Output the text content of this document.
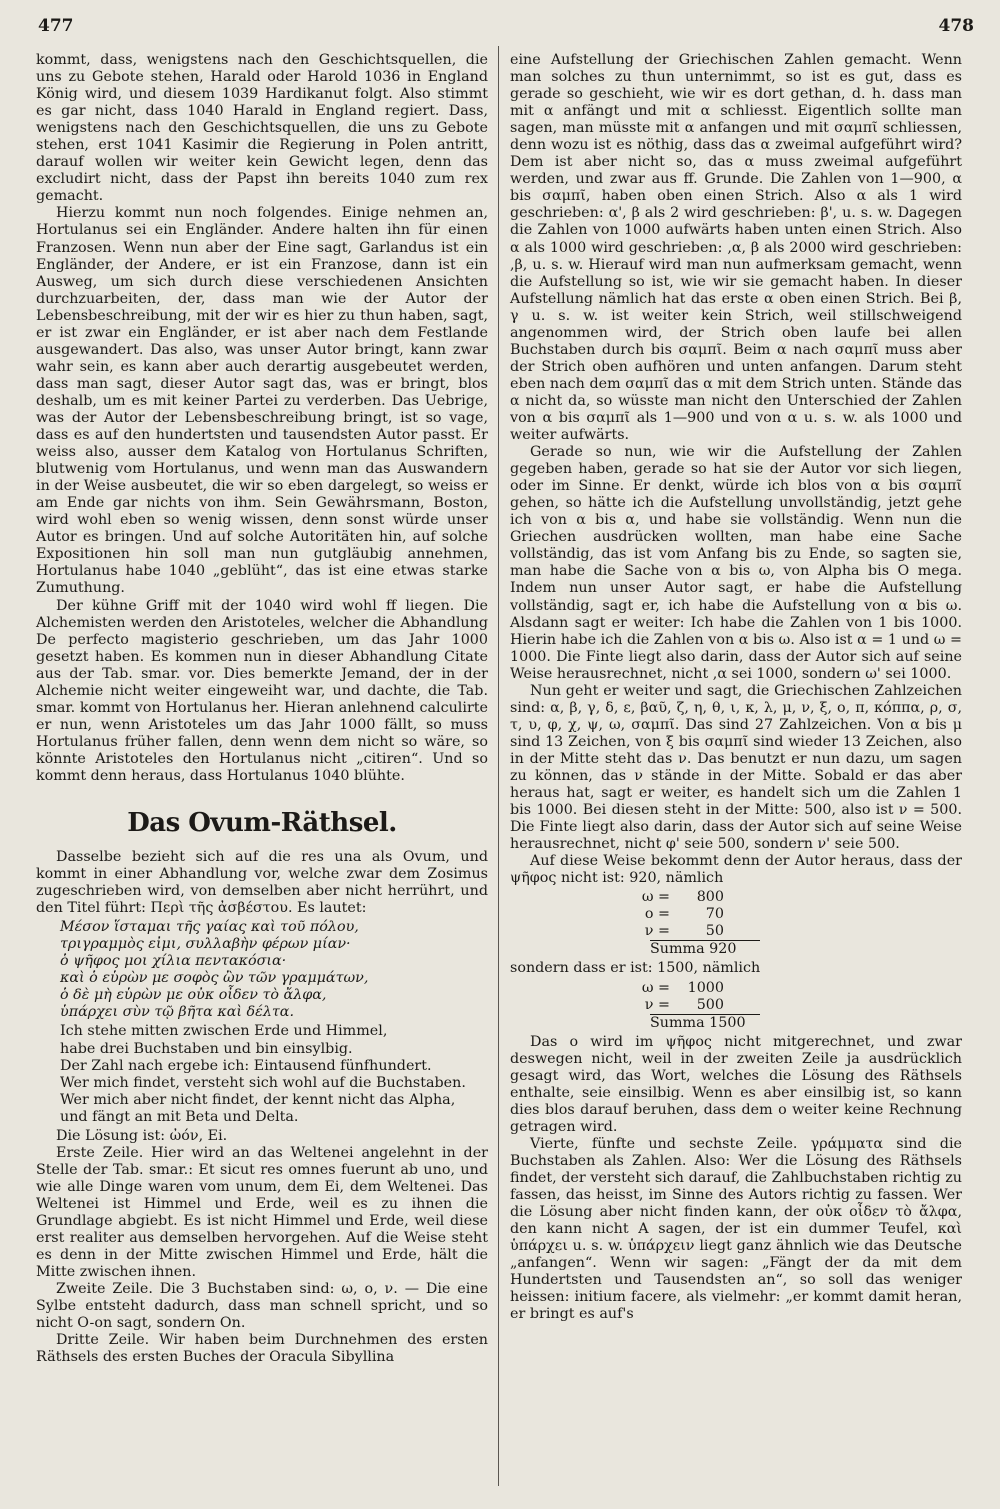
477	478

kommt, dass, wenigstens nach den Geschichtsquellen, die uns zu Gebote stehen, Harald oder Harold 1036 in England König wird, und diesem 1039 Hardikanut folgt. Also stimmt es gar nicht, dass 1040 Harald in England regiert. Dass, wenigstens nach den Geschichtsquellen, die uns zu Gebote stehen, erst 1041 Kasimir die Regierung in Polen antritt, darauf wollen wir weiter kein Gewicht legen, denn das excludirt nicht, dass der Papst ihn bereits 1040 zum rex gemacht.

Hierzu kommt nun noch folgendes. Einige nehmen an, Hortulanus sei ein Engländer. Andere halten ihn für einen Franzosen. Wenn nun aber der Eine sagt, Garlandus ist ein Engländer, der Andere, er ist ein Franzose, dann ist ein Ausweg, um sich durch diese verschiedenen Ansichten durchzuarbeiten, der, dass man wie der Autor der Lebensbeschreibung, mit der wir es hier zu thun haben, sagt, er ist zwar ein Engländer, er ist aber nach dem Festlande ausgewandert. Das also, was unser Autor bringt, kann zwar wahr sein, es kann aber auch derartig ausgebeutet werden, dass man sagt, dieser Autor sagt das, was er bringt, blos deshalb, um es mit keiner Partei zu verderben. Das Uebrige, was der Autor der Lebensbeschreibung bringt, ist so vage, dass es auf den hundertsten und tausendsten Autor passt. Er weiss also, ausser dem Katalog von Hortulanus Schriften, blutwenig vom Hortulanus, und wenn man das Auswandern in der Weise ausbeutet, die wir so eben dargelegt, so weiss er am Ende gar nichts von ihm. Sein Gewährsmann, Boston, wird wohl eben so wenig wissen, denn sonst würde unser Autor es bringen. Und auf solche Autoritäten hin, auf solche Expositionen hin soll man nun gutgläubig annehmen, Hortulanus habe 1040 „geblüht“, das ist eine etwas starke Zumuthung.

Der kühne Griff mit der 1040 wird wohl ff liegen. Die Alchemisten werden den Aristoteles, welcher die Abhandlung De perfecto magisterio geschrieben, um das Jahr 1000 gesetzt haben. Es kommen nun in dieser Abhandlung Citate aus der Tab. smar. vor. Dies bemerkte Jemand, der in der Alchemie nicht weiter eingeweiht war, und dachte, die Tab. smar. kommt von Hortulanus her. Hieran anlehnend calculirte er nun, wenn Aristoteles um das Jahr 1000 fällt, so muss Hortulanus früher fallen, denn wenn dem nicht so wäre, so könnte Aristoteles den Hortulanus nicht „citiren“. Und so kommt denn heraus, dass Hortulanus 1040 blühte.

Das Ovum-Räthsel.

Dasselbe bezieht sich auf die res una als Ovum, und kommt in einer Abhandlung vor, welche zwar dem Zosimus zugeschrieben wird, von demselben aber nicht herrührt, und den Titel führt: Περὶ τῆς ἀσβέστου. Es lautet:

Μέσον ἵσταμαι τῆς γαίας καὶ τοῦ πόλου,
τριγραμμὸς εἰμι, συλλαβὴν φέρων μίαν·
ὁ ψῆφος μοι χίλια πεντακόσια·
καὶ ὁ εὑρὼν με σοφὸς ὢν τῶν γραμμάτων,
ὁ δὲ μὴ εὑρὼν με οὐκ οἶδεν τὸ ἄλφα,
ὑπάρχει σὺν τῷ βῆτα καὶ δέλτα.
Ich stehe mitten zwischen Erde und Himmel,
habe drei Buchstaben und bin einsylbig.
Der Zahl nach ergebe ich: Eintausend fünfhundert.
Wer mich findet, versteht sich wohl auf die Buchstaben.
Wer mich aber nicht findet, der kennt nicht das Alpha,
und fängt an mit Beta und Delta.

Die Lösung ist: ὠόν, Ei.

Erste Zeile. Hier wird an das Weltenei angelehnt in der Stelle der Tab. smar.: Et sicut res omnes fuerunt ab uno, und wie alle Dinge waren vom unum, dem Ei, dem Weltenei. Das Weltenei ist Himmel und Erde, weil es zu ihnen die Grundlage abgiebt. Es ist nicht Himmel und Erde, weil diese erst realiter aus demselben hervorgehen. Auf die Weise steht es denn in der Mitte zwischen Himmel und Erde, hält die Mitte zwischen ihnen.

Zweite Zeile. Die 3 Buchstaben sind: ω, ο, ν. — Die eine Sylbe entsteht dadurch, dass man schnell spricht, und so nicht O-on sagt, sondern On.

Dritte Zeile. Wir haben beim Durchnehmen des ersten Räthsels des ersten Buches der Oracula Sibyllina

eine Aufstellung der Griechischen Zahlen gemacht. Wenn man solches zu thun unternimmt, so ist es gut, dass es gerade so geschieht, wie wir es dort gethan, d. h. dass man mit α anfängt und mit α schliesst. Eigentlich sollte man sagen, man müsste mit α anfangen und mit σαμπῖ schliessen, denn wozu ist es nöthig, dass das α zweimal aufgeführt wird? Dem ist aber nicht so, das α muss zweimal aufgeführt werden, und zwar aus ff. Grunde. Die Zahlen von 1—900, α bis σαμπῖ, haben oben einen Strich. Also α als 1 wird geschrieben: α', β als 2 wird geschrieben: β', u. s. w. Dagegen die Zahlen von 1000 aufwärts haben unten einen Strich. Also α als 1000 wird geschrieben: ,α, β als 2000 wird geschrieben: ,β, u. s. w. Hierauf wird man nun aufmerksam gemacht, wenn die Aufstellung so ist, wie wir sie gemacht haben. In dieser Aufstellung nämlich hat das erste α oben einen Strich. Bei β, γ u. s. w. ist weiter kein Strich, weil stillschweigend angenommen wird, der Strich oben laufe bei allen Buchstaben durch bis σαμπῖ. Beim α nach σαμπῖ muss aber der Strich oben aufhören und unten anfangen. Darum steht eben nach dem σαμπῖ das α mit dem Strich unten. Stände das α nicht da, so wüsste man nicht den Unterschied der Zahlen von α bis σαμπῖ als 1—900 und von α u. s. w. als 1000 und weiter aufwärts.

Gerade so nun, wie wir die Aufstellung der Zahlen gegeben haben, gerade so hat sie der Autor vor sich liegen, oder im Sinne. Er denkt, würde ich blos von α bis σαμπῖ gehen, so hätte ich die Aufstellung unvollständig, jetzt gehe ich von α bis α, und habe sie vollständig. Wenn nun die Griechen ausdrücken wollten, man habe eine Sache vollständig, das ist vom Anfang bis zu Ende, so sagten sie, man habe die Sache von α bis ω, von Alpha bis O mega. Indem nun unser Autor sagt, er habe die Aufstellung vollständig, sagt er, ich habe die Aufstellung von α bis ω. Alsdann sagt er weiter: Ich habe die Zahlen von 1 bis 1000. Hierin habe ich die Zahlen von α bis ω. Also ist α = 1 und ω = 1000. Die Finte liegt also darin, dass der Autor sich auf seine Weise herausrechnet, nicht ,α sei 1000, sondern ω' sei 1000.

Nun geht er weiter und sagt, die Griechischen Zahlzeichen sind: α, β, γ, δ, ε, βαῦ, ζ, η, θ, ι, κ, λ, μ, ν, ξ, ο, π, κόππα, ρ, σ, τ, υ, φ, χ, ψ, ω, σαμπῖ. Das sind 27 Zahlzeichen. Von α bis μ sind 13 Zeichen, von ξ bis σαμπῖ sind wieder 13 Zeichen, also in der Mitte steht das ν. Das benutzt er nun dazu, um sagen zu können, das ν stände in der Mitte. Sobald er das aber heraus hat, sagt er weiter, es handelt sich um die Zahlen 1 bis 1000. Bei diesen steht in der Mitte: 500, also ist ν = 500. Die Finte liegt also darin, dass der Autor sich auf seine Weise herausrechnet, nicht φ' seie 500, sondern ν' seie 500.

Auf diese Weise bekommt denn der Autor heraus, dass der ψῆφος nicht ist: 920, nämlich

ω =	800
ο =	70
ν =	50
Summa 920

sondern dass er ist: 1500, nämlich

ω =	1000
ν =	500
Summa 1500

Das ο wird im ψῆφος nicht mitgerechnet, und zwar deswegen nicht, weil in der zweiten Zeile ja ausdrücklich gesagt wird, das Wort, welches die Lösung des Räthsels enthalte, seie einsilbig. Wenn es aber einsilbig ist, so kann dies blos darauf beruhen, dass dem ο weiter keine Rechnung getragen wird.

Vierte, fünfte und sechste Zeile. γράμματα sind die Buchstaben als Zahlen. Also: Wer die Lösung des Räthsels findet, der versteht sich darauf, die Zahlbuchstaben richtig zu fassen, das heisst, im Sinne des Autors richtig zu fassen. Wer die Lösung aber nicht finden kann, der οὐκ οἶδεν τὸ ἄλφα, den kann nicht A sagen, der ist ein dummer Teufel, καὶ ὑπάρχει u. s. w. ὑπάρχειν liegt ganz ähnlich wie das Deutsche „anfangen“. Wenn wir sagen: „Fängt der da mit dem Hundertsten und Tausendsten an“, so soll das weniger heissen: initium facere, als vielmehr: „er kommt damit heran, er bringt es auf's
